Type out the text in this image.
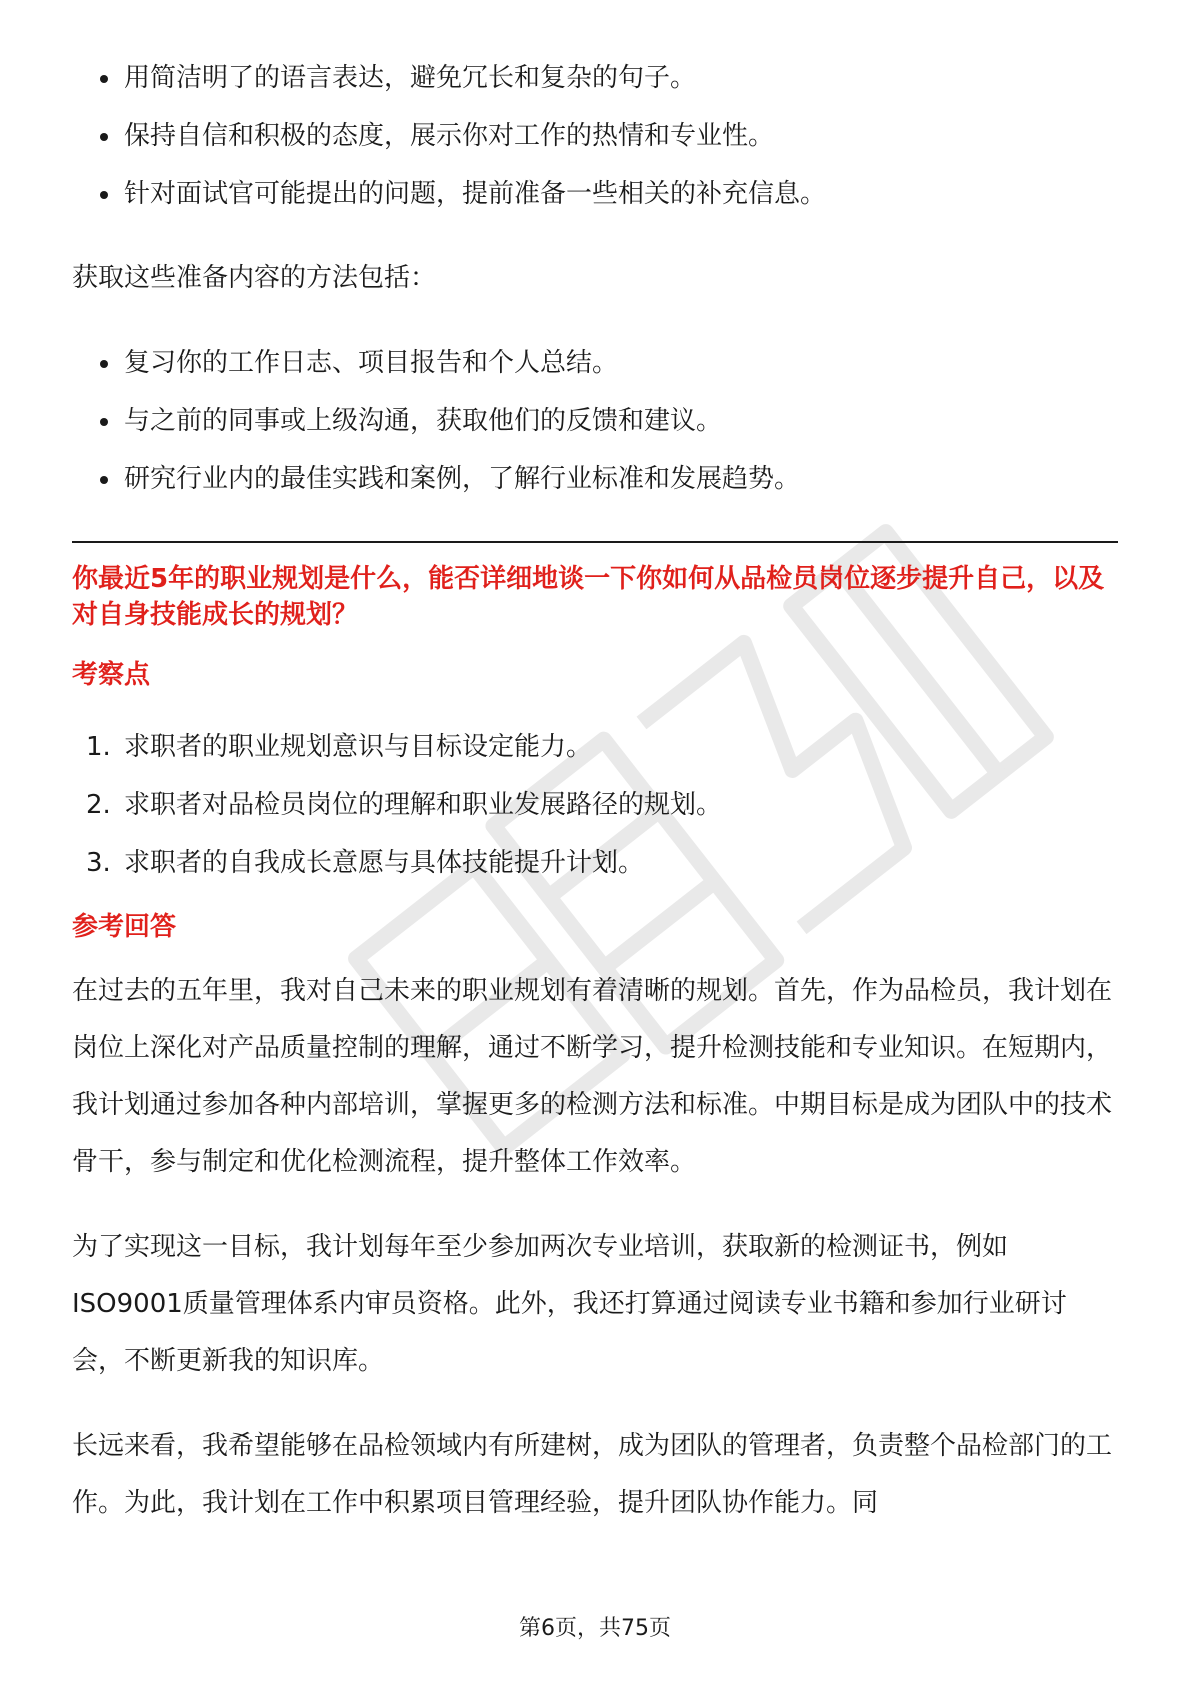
用简洁明了的语言表达，避免冗长和复杂的句子。
保持自信和积极的态度，展示你对工作的热情和专业性。
针对面试官可能提出的问题，提前准备一些相关的补充信息。

获取这些准备内容的方法包括：

复习你的工作日志、项目报告和个人总结。
与之前的同事或上级沟通，获取他们的反馈和建议。
研究行业内的最佳实践和案例，了解行业标准和发展趋势。

你最近5年的职业规划是什么，能否详细地谈一下你如何从品检员岗位逐步提升自己，以及对自身技能成长的规划？

考察点
1. 求职者的职业规划意识与目标设定能力。
2. 求职者对品检员岗位的理解和职业发展路径的规划。
3. 求职者的自我成长意愿与具体技能提升计划。
参考回答

在过去的五年里，我对自己未来的职业规划有着清晰的规划。首先，作为品检员，我计划在岗位上深化对产品质量控制的理解，通过不断学习，提升检测技能和专业知识。在短期内，我计划通过参加各种内部培训，掌握更多的检测方法和标准。中期目标是成为团队中的技术骨干，参与制定和优化检测流程，提升整体工作效率。

为了实现这一目标，我计划每年至少参加两次专业培训，获取新的检测证书，例如ISO9001质量管理体系内审员资格。此外，我还打算通过阅读专业书籍和参加行业研讨会，不断更新我的知识库。

长远来看，我希望能够在品检领域内有所建树，成为团队的管理者，负责整个品检部门的工作。为此，我计划在工作中积累项目管理经验，提升团队协作能力。同

第6页，共75页
